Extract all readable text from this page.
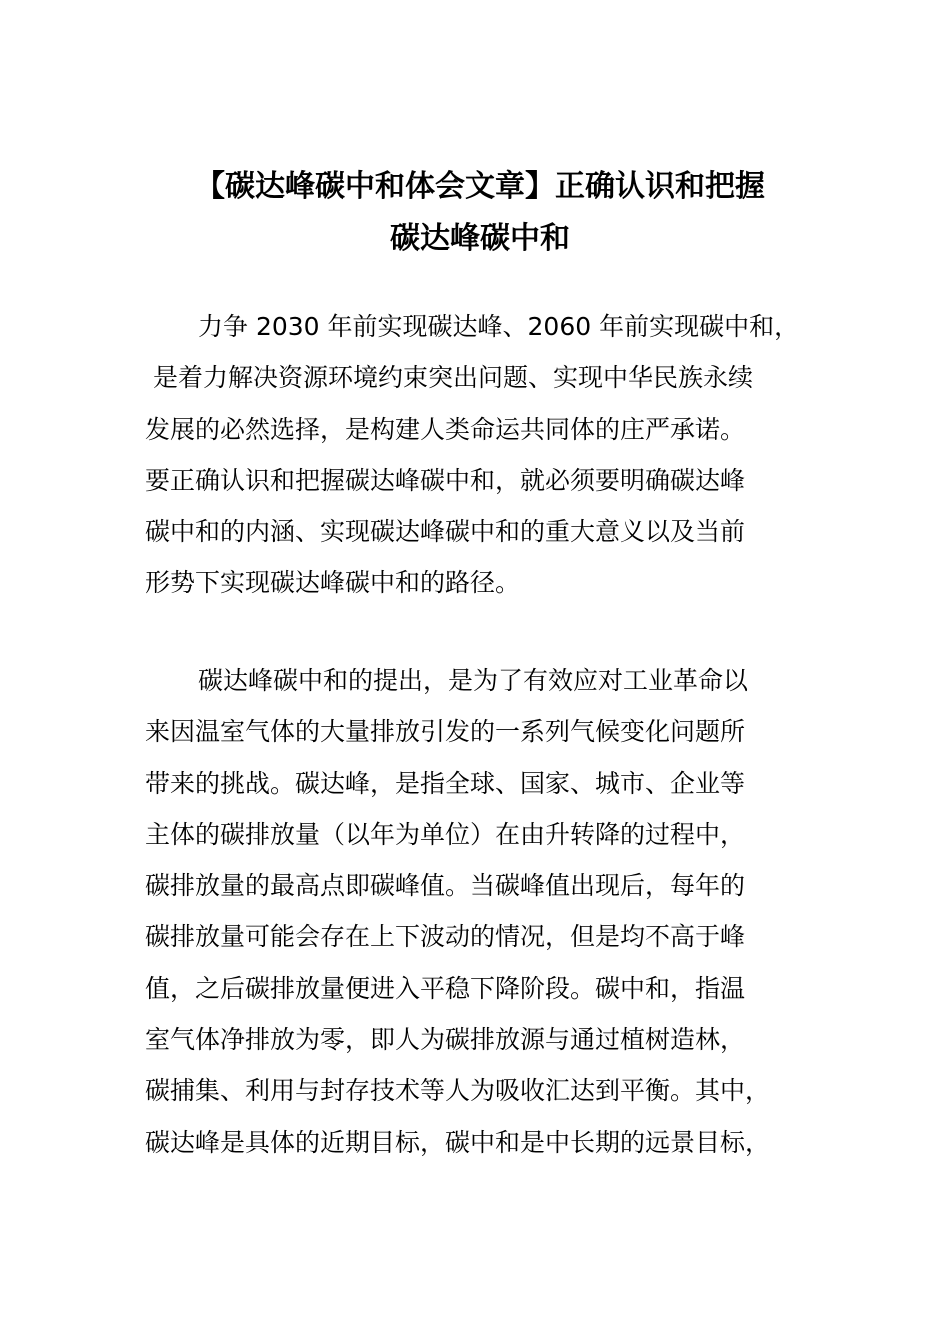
【碳达峰碳中和体会文章】正确认识和把握
碳达峰碳中和
力争 2030 年前实现碳达峰、2060 年前实现碳中和，
是着力解决资源环境约束突出问题、实现中华民族永续
发展的必然选择，是构建人类命运共同体的庄严承诺。
要正确认识和把握碳达峰碳中和，就必须要明确碳达峰
碳中和的内涵、实现碳达峰碳中和的重大意义以及当前
形势下实现碳达峰碳中和的路径。
碳达峰碳中和的提出，是为了有效应对工业革命以
来因温室气体的大量排放引发的一系列气候变化问题所
带来的挑战。碳达峰，是指全球、国家、城市、企业等
主体的碳排放量（以年为单位）在由升转降的过程中，
碳排放量的最高点即碳峰值。当碳峰值出现后，每年的
碳排放量可能会存在上下波动的情况，但是均不高于峰
值，之后碳排放量便进入平稳下降阶段。碳中和，指温
室气体净排放为零，即人为碳排放源与通过植树造林，
碳捕集、利用与封存技术等人为吸收汇达到平衡。其中，
碳达峰是具体的近期目标，碳中和是中长期的远景目标，
